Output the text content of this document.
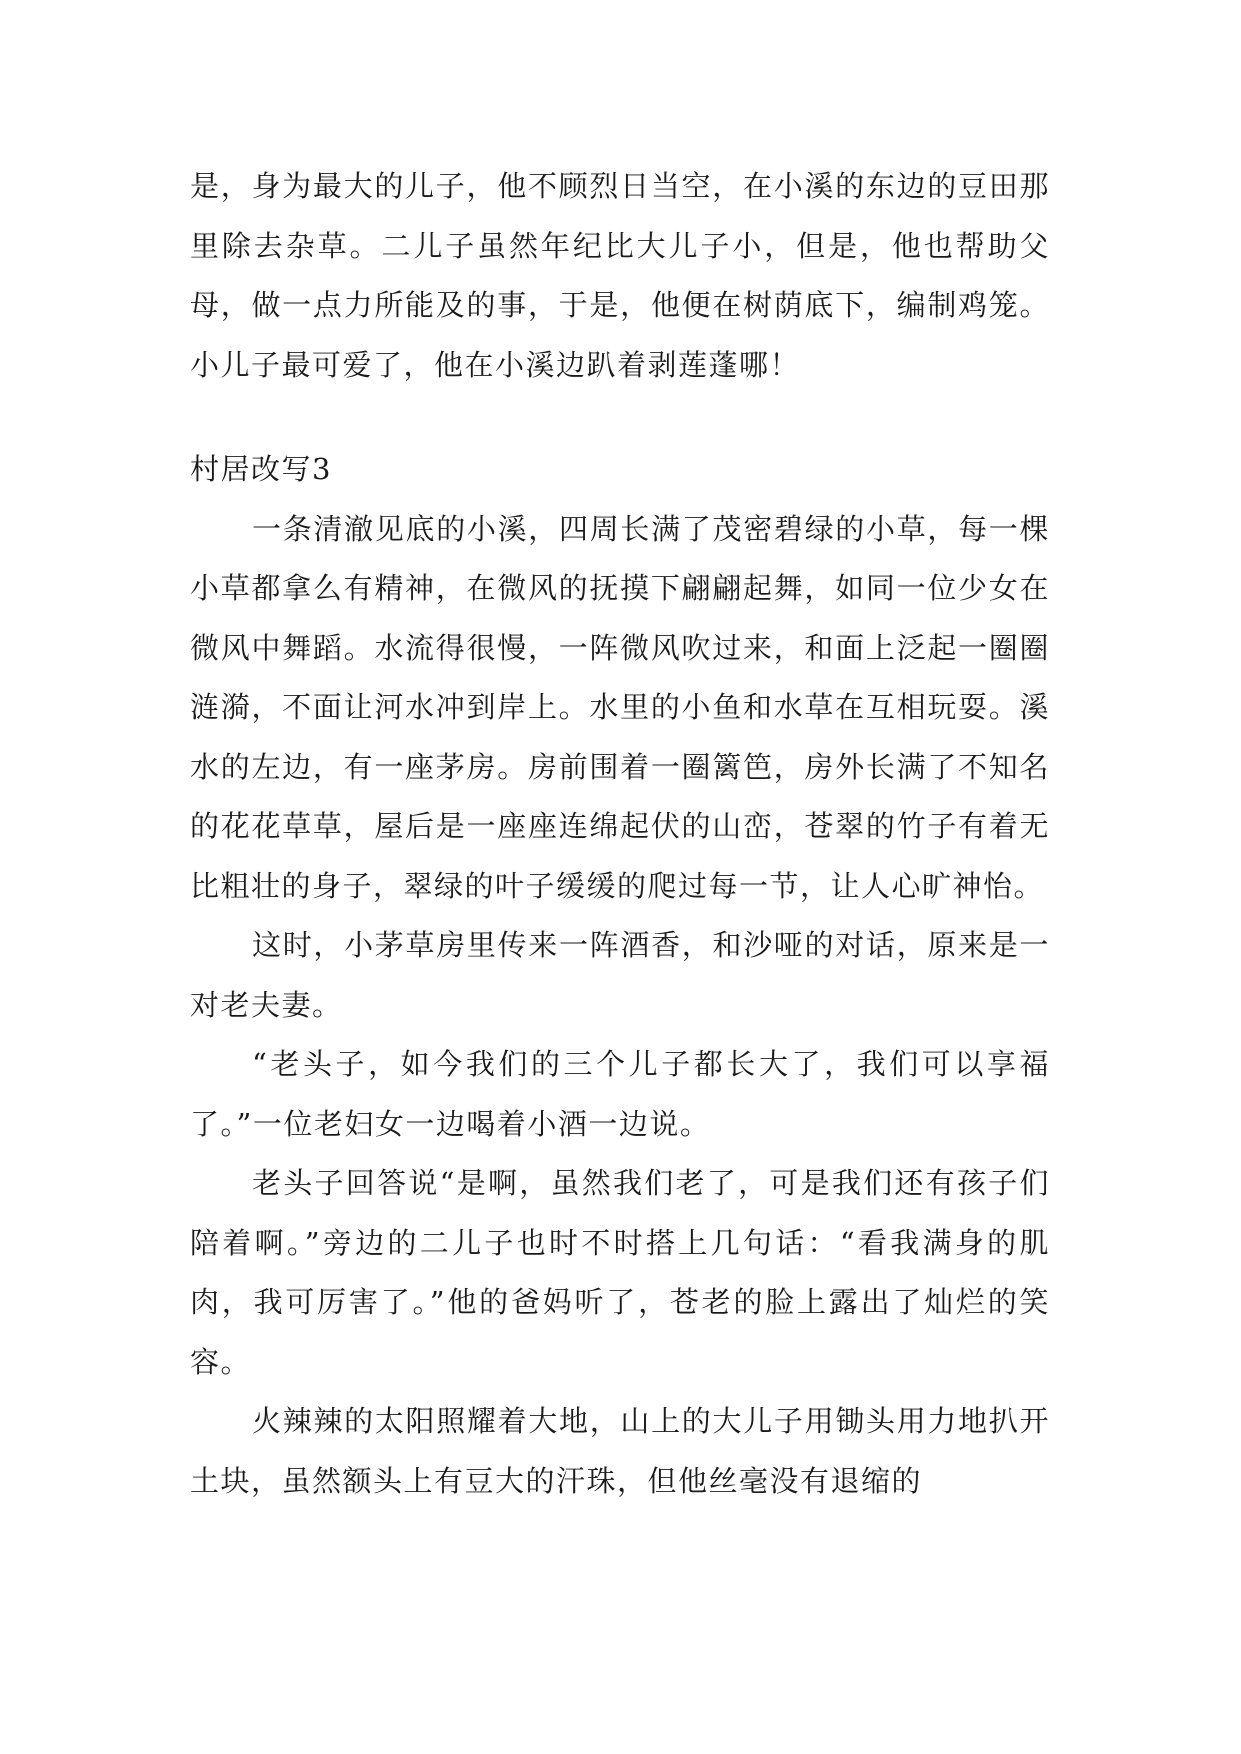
是，身为最大的儿子，他不顾烈日当空，在小溪的东边的豆田那里除去杂草。二儿子虽然年纪比大儿子小，但是，他也帮助父母，做一点力所能及的事，于是，他便在树荫底下，编制鸡笼。小儿子最可爱了，他在小溪边趴着剥莲蓬哪！

村居改写3

一条清澈见底的小溪，四周长满了茂密碧绿的小草，每一棵小草都拿么有精神，在微风的抚摸下翩翩起舞，如同一位少女在微风中舞蹈。水流得很慢，一阵微风吹过来，和面上泛起一圈圈涟漪，不面让河水冲到岸上。水里的小鱼和水草在互相玩耍。溪水的左边，有一座茅房。房前围着一圈篱笆，房外长满了不知名的花花草草，屋后是一座座连绵起伏的山峦，苍翠的竹子有着无比粗壮的身子，翠绿的叶子缓缓的爬过每一节，让人心旷神怡。

这时，小茅草房里传来一阵酒香，和沙哑的对话，原来是一对老夫妻。

“老头子，如今我们的三个儿子都长大了，我们可以享福了。”一位老妇女一边喝着小酒一边说。

老头子回答说“是啊，虽然我们老了，可是我们还有孩子们陪着啊。”旁边的二儿子也时不时搭上几句话：“看我满身的肌肉，我可厉害了。”他的爸妈听了，苍老的脸上露出了灿烂的笑容。

火辣辣的太阳照耀着大地，山上的大儿子用锄头用力地扒开土块，虽然额头上有豆大的汗珠，但他丝毫没有退缩的
